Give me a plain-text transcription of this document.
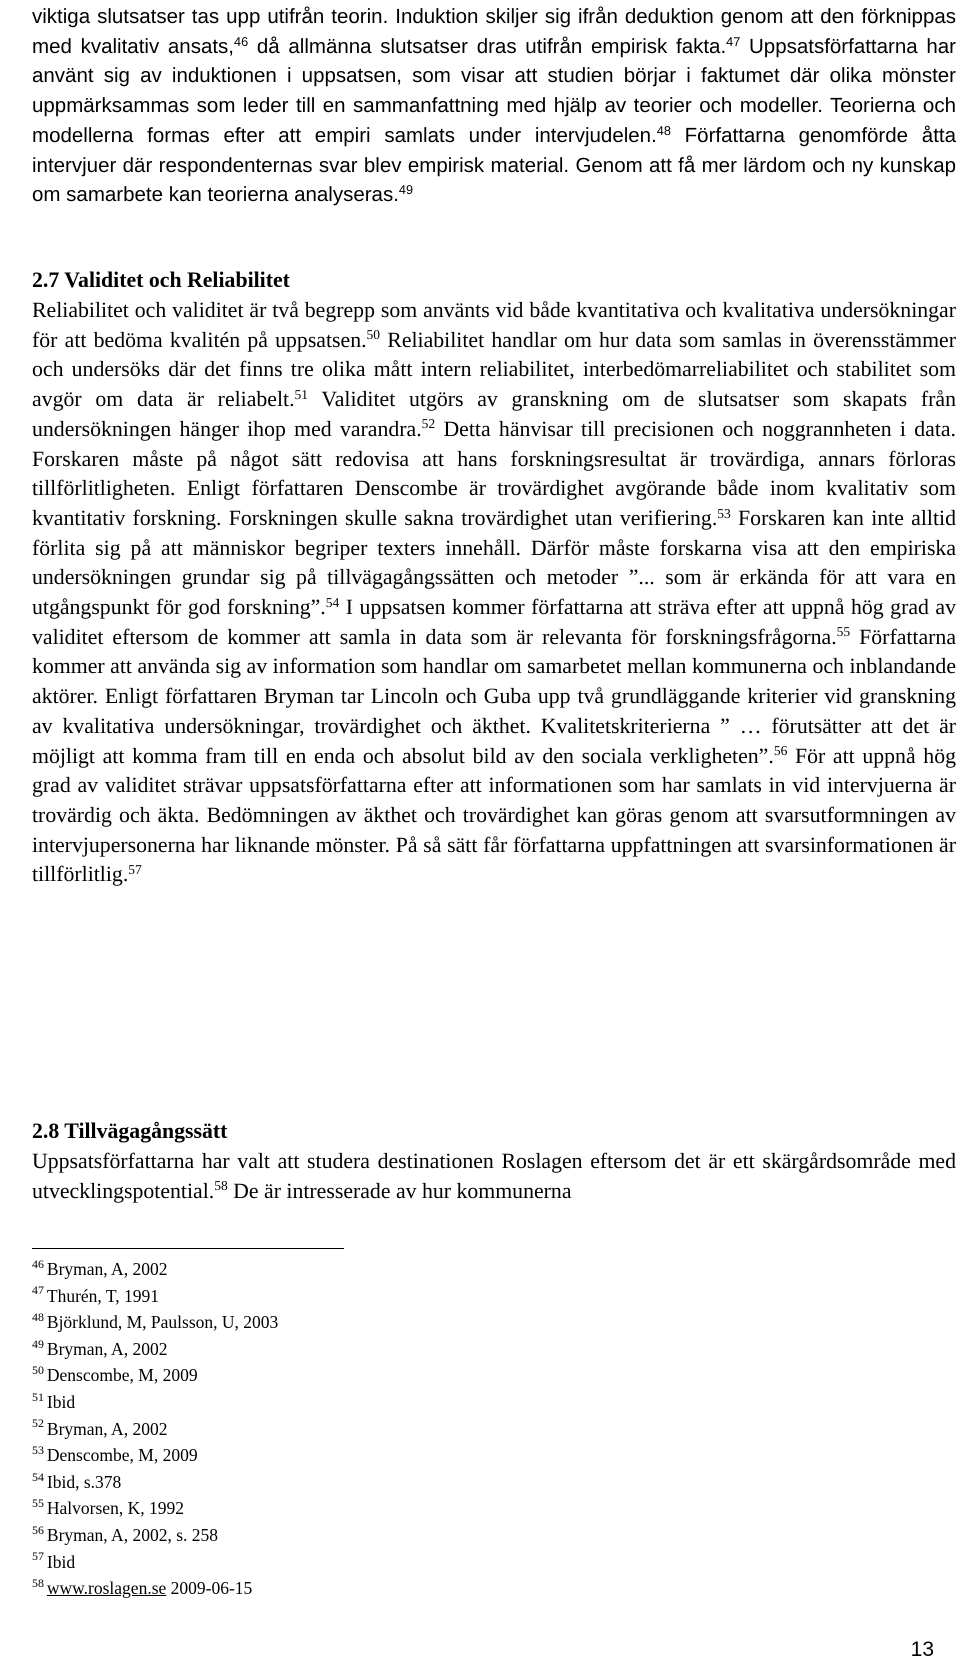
viktiga slutsatser tas upp utifrån teorin. Induktion skiljer sig ifrån deduktion genom att den förknippas med kvalitativ ansats,$^{46}$ då allmänna slutsatser dras utifrån empirisk fakta.$^{47}$ Uppsatsförfattarna har använt sig av induktionen i uppsatsen, som visar att studien börjar i faktumet där olika mönster uppmärksammas som leder till en sammanfattning med hjälp av teorier och modeller. Teorierna och modellerna formas efter att empiri samlats under intervjudelen.$^{48}$ Författarna genomförde åtta intervjuer där respondenternas svar blev empirisk material. Genom att få mer lärdom och ny kunskap om samarbete kan teorierna analyseras.$^{49}$

2.7 Validitet och Reliabilitet

Reliabilitet och validitet är två begrepp som använts vid både kvantitativa och kvalitativa undersökningar för att bedöma kvalitén på uppsatsen.$^{50}$ Reliabilitet handlar om hur data som samlas in överensstämmer och undersöks där det finns tre olika mått intern reliabilitet, interbedömarreliabilitet och stabilitet som avgör om data är reliabelt.$^{51}$ Validitet utgörs av granskning om de slutsatser som skapats från undersökningen hänger ihop med varandra.$^{52}$ Detta hänvisar till precisionen och noggrannheten i data. Forskaren måste på något sätt redovisa att hans forskningsresultat är trovärdiga, annars förloras tillförlitligheten. Enligt författaren Denscombe är trovärdighet avgörande både inom kvalitativ som kvantitativ forskning. Forskningen skulle sakna trovärdighet utan verifiering.$^{53}$ Forskaren kan inte alltid förlita sig på att människor begriper texters innehåll. Därför måste forskarna visa att den empiriska undersökningen grundar sig på tillvägagångssätten och metoder ”... som är erkända för att vara en utgångspunkt för god forskning”.$^{54}$ I uppsatsen kommer författarna att sträva efter att uppnå hög grad av validitet eftersom de kommer att samla in data som är relevanta för forskningsfrågorna.$^{55}$ Författarna kommer att använda sig av information som handlar om samarbetet mellan kommunerna och inblandande aktörer. Enligt författaren Bryman tar Lincoln och Guba upp två grundläggande kriterier vid granskning av kvalitativa undersökningar, trovärdighet och äkthet. Kvalitetskriterierna ” … förutsätter att det är möjligt att komma fram till en enda och absolut bild av den sociala verkligheten”.$^{56}$ För att uppnå hög grad av validitet strävar uppsatsförfattarna efter att informationen som har samlats in vid intervjuerna är trovärdig och äkta. Bedömningen av äkthet och trovärdighet kan göras genom att svarsutformningen av intervjupersonerna har liknande mönster. På så sätt får författarna uppfattningen att svarsinformationen är tillförlitlig.$^{57}$

2.8 Tillvägagångssätt

Uppsatsförfattarna har valt att studera destinationen Roslagen eftersom det är ett skärgårdsområde med utvecklingspotential.$^{58}$ De är intresserade av hur kommunerna

$^{46}$ Bryman, A, 2002
$^{47}$ Thurén, T, 1991
$^{48}$ Björklund, M, Paulsson, U, 2003
$^{49}$ Bryman, A, 2002
$^{50}$ Denscombe, M, 2009
$^{51}$ Ibid
$^{52}$ Bryman, A, 2002
$^{53}$ Denscombe, M, 2009
$^{54}$ Ibid, s.378
$^{55}$ Halvorsen, K, 1992
$^{56}$ Bryman, A, 2002, s. 258
$^{57}$ Ibid
$^{58}$ www.roslagen.se 2009-06-15
13
